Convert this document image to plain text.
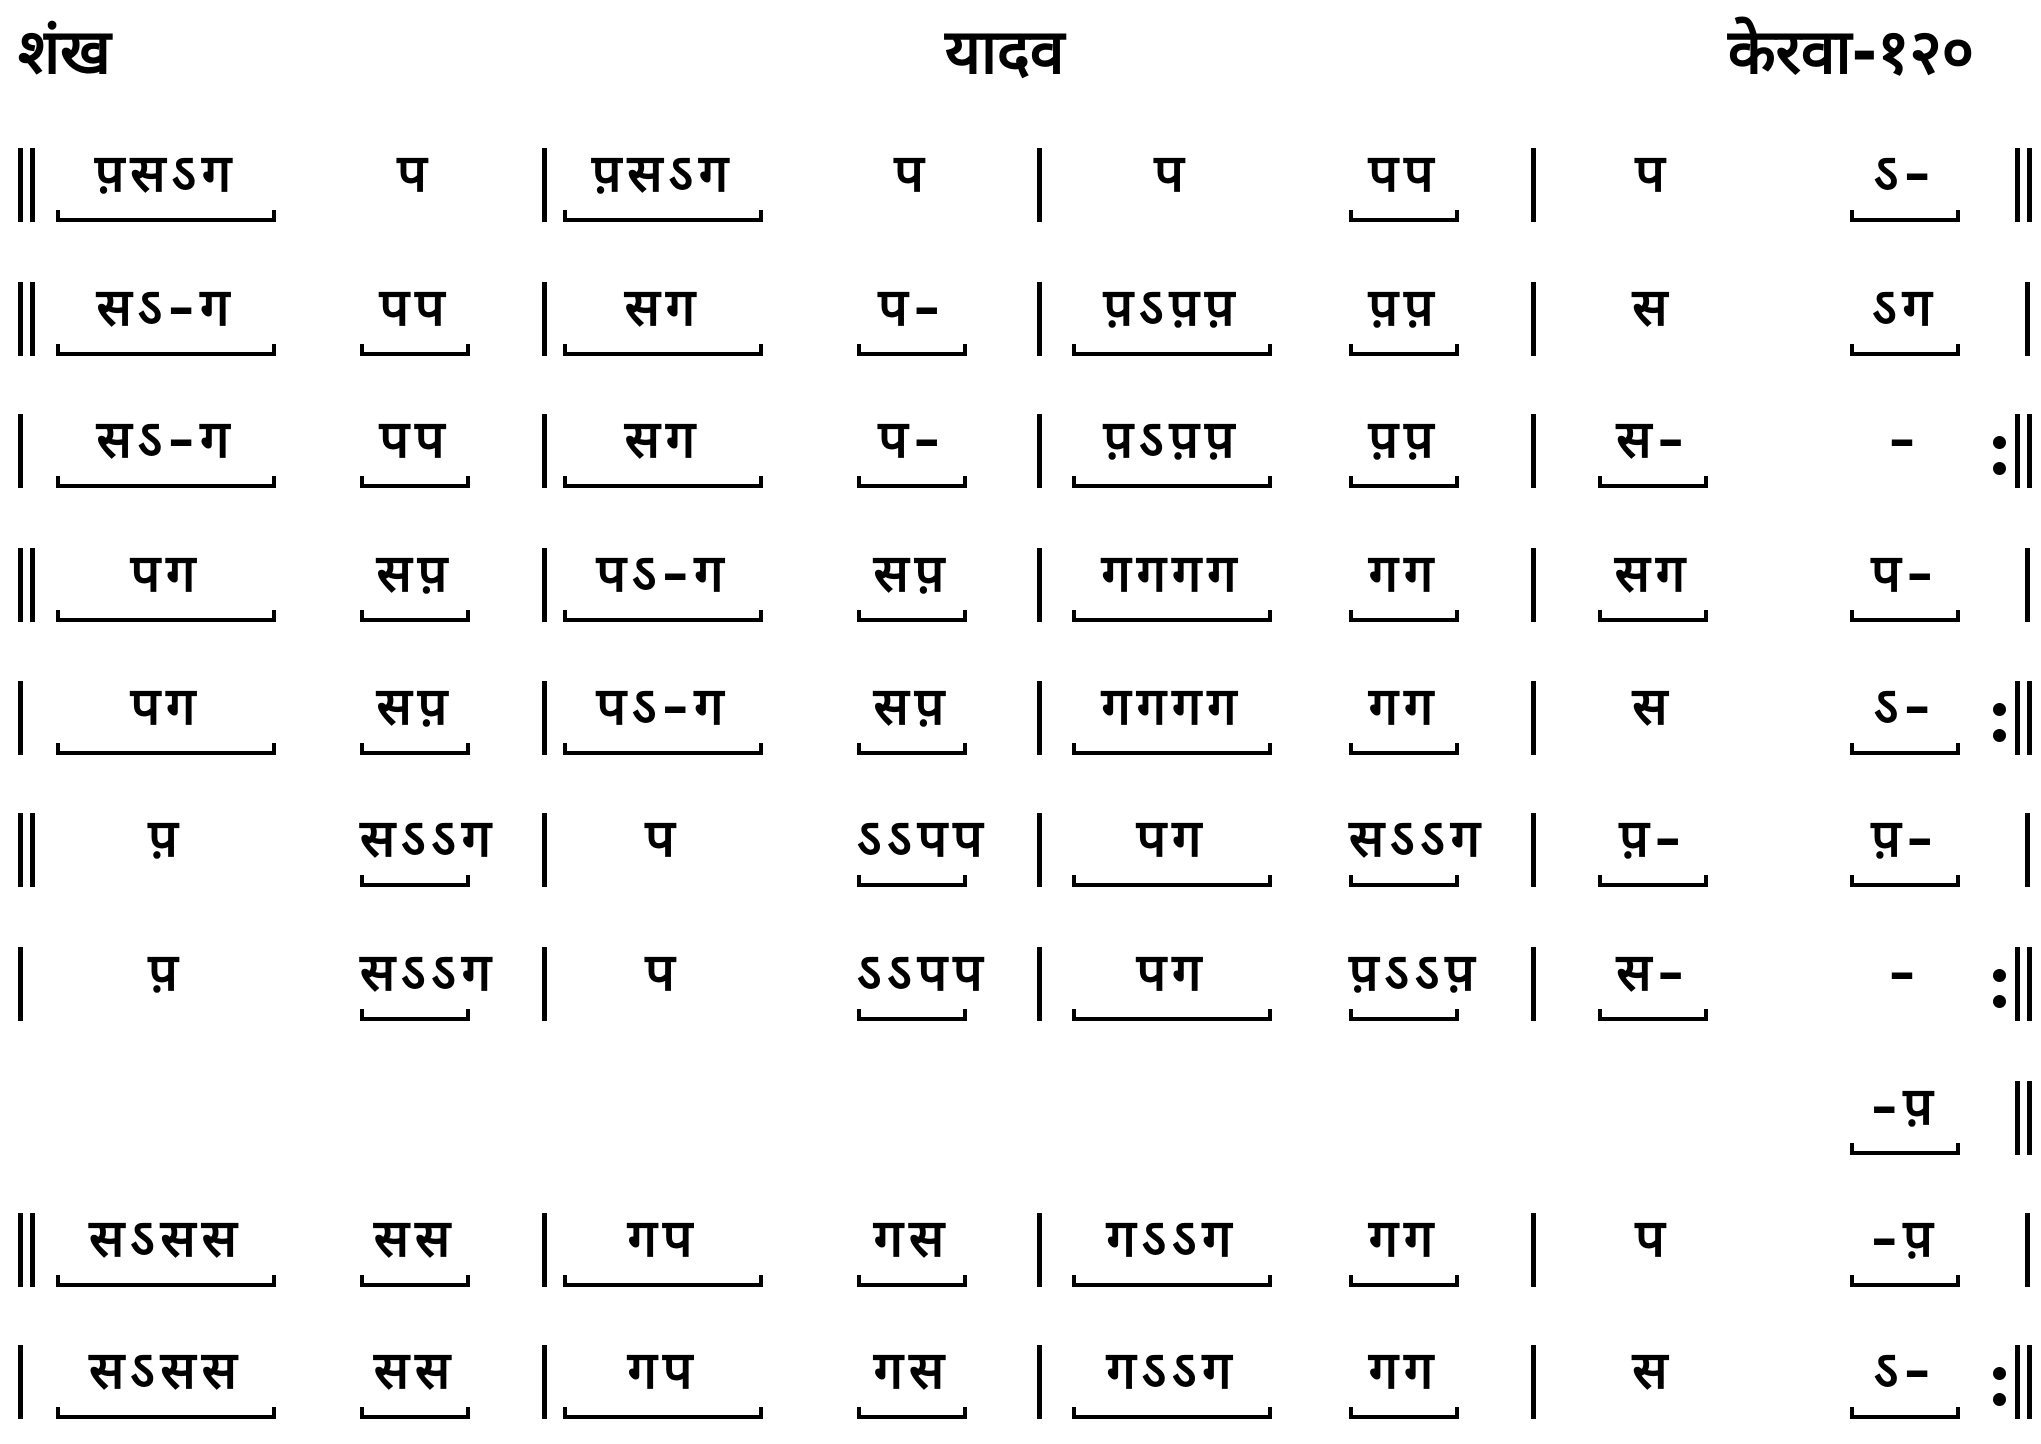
शंख	यादव	केरवा-१२०
प़सऽग	प	प़सऽग	प	प	पप	प	ऽ–
सऽ–ग	पप	सग	प–	प़ऽप़प़	प़प़	स	ऽग
सऽ–ग	पप	सग	प–	प़ऽप़प़	प़प़	स–	–
पग	सप़	पऽ–ग	सप़	गगगग	गग	सग	प–
पग	सप़	पऽ–ग	सप़	गगगग	गग	स	ऽ–
प़	सऽऽग	प	ऽऽपप	पग	सऽऽग	प़–	प़–
प़	सऽऽग	प	ऽऽपप	पग	प़ऽऽप़	स–	–
–प़
सऽसस	सस	गप	गस	गऽऽग	गग	प	–प़
सऽसस	सस	गप	गस	गऽऽग	गग	स	ऽ–
